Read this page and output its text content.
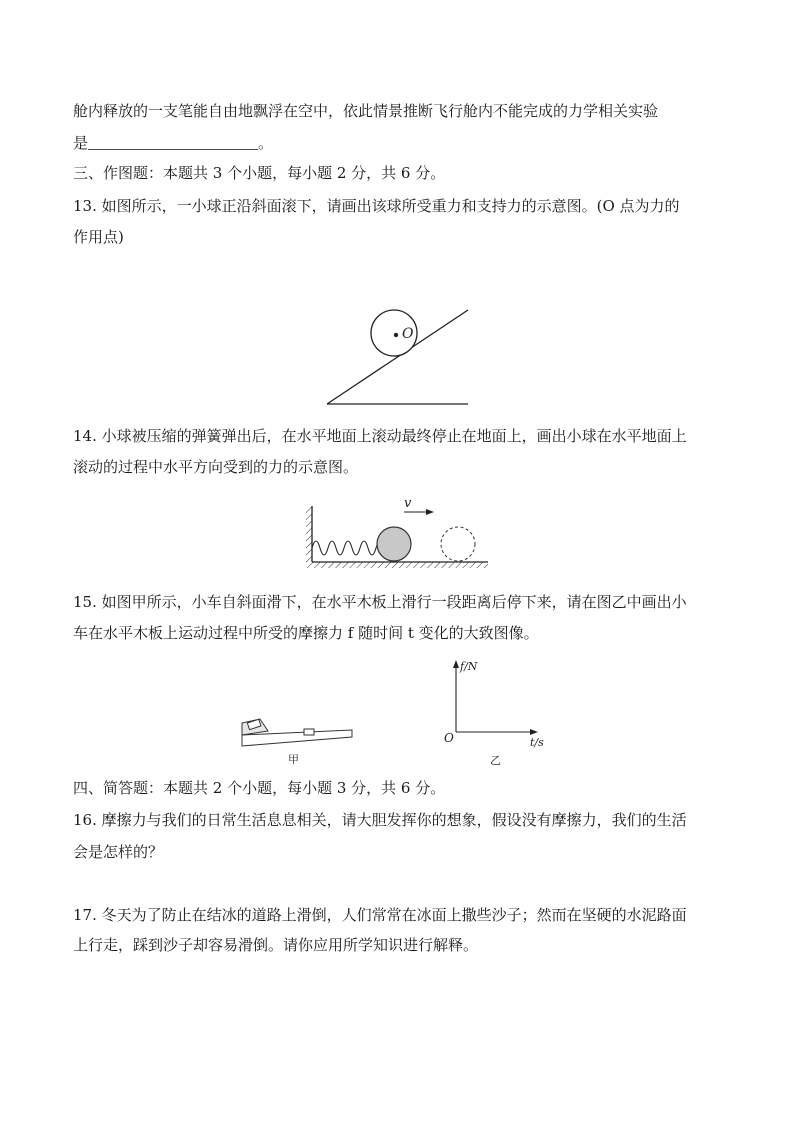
舱内释放的一支笔能自由地飘浮在空中，依此情景推断飞行舱内不能完成的力学相关实验
是	。
三、作图题：本题共 3 个小题，每小题 2 分，共 6 分。
13. 如图所示，一小球正沿斜面滚下，请画出该球所受重力和支持力的示意图。(O 点为力的
作用点)
O
14. 小球被压缩的弹簧弹出后，在水平地面上滚动最终停止在地面上，画出小球在水平地面上
滚动的过程中水平方向受到的力的示意图。
v
15. 如图甲所示，小车自斜面滑下，在水平木板上滑行一段距离后停下来，请在图乙中画出小
车在水平木板上运动过程中所受的摩擦力 f 随时间 t 变化的大致图像。
甲
f/N
t/s
O
乙
四、简答题：本题共 2 个小题，每小题 3 分，共 6 分。
16. 摩擦力与我们的日常生活息息相关，请大胆发挥你的想象，假设没有摩擦力，我们的生活
会是怎样的？
17. 冬天为了防止在结冰的道路上滑倒，人们常常在冰面上撒些沙子；然而在坚硬的水泥路面
上行走，踩到沙子却容易滑倒。请你应用所学知识进行解释。
